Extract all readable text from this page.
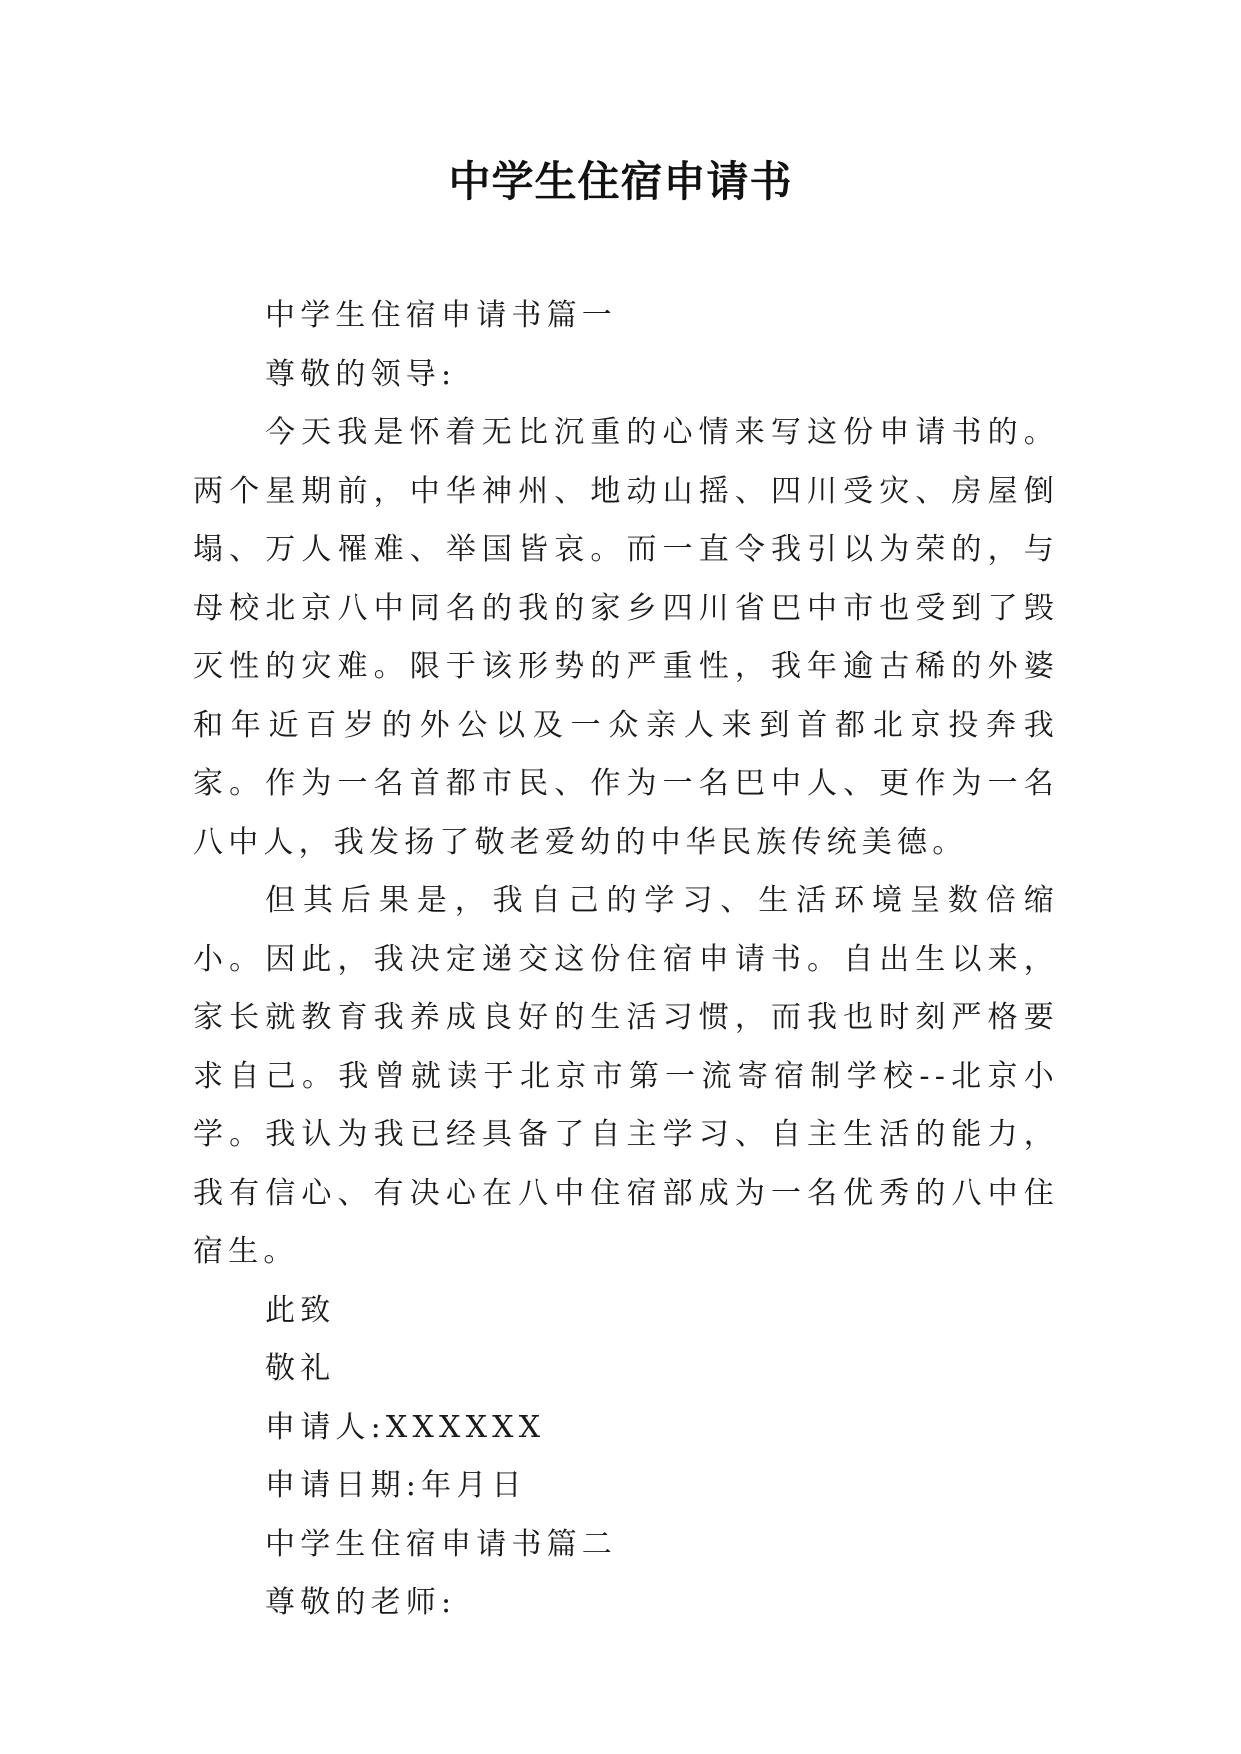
中学生住宿申请书

中学生住宿申请书篇一

尊敬的领导:

今天我是怀着无比沉重的心情来写这份申请书的。两个星期前，中华神州、地动山摇、四川受灾、房屋倒塌、万人罹难、举国皆哀。而一直令我引以为荣的，与母校北京八中同名的我的家乡四川省巴中市也受到了毁灭性的灾难。限于该形势的严重性，我年逾古稀的外婆和年近百岁的外公以及一众亲人来到首都北京投奔我家。作为一名首都市民、作为一名巴中人、更作为一名八中人，我发扬了敬老爱幼的中华民族传统美德。

但其后果是，我自己的学习、生活环境呈数倍缩小。因此，我决定递交这份住宿申请书。自出生以来，家长就教育我养成良好的生活习惯，而我也时刻严格要求自己。我曾就读于北京市第一流寄宿制学校--北京小学。我认为我已经具备了自主学习、自主生活的能力，我有信心、有决心在八中住宿部成为一名优秀的八中住宿生。

此致

敬礼

申请人:XXXXXX

申请日期:年月日

中学生住宿申请书篇二

尊敬的老师:
